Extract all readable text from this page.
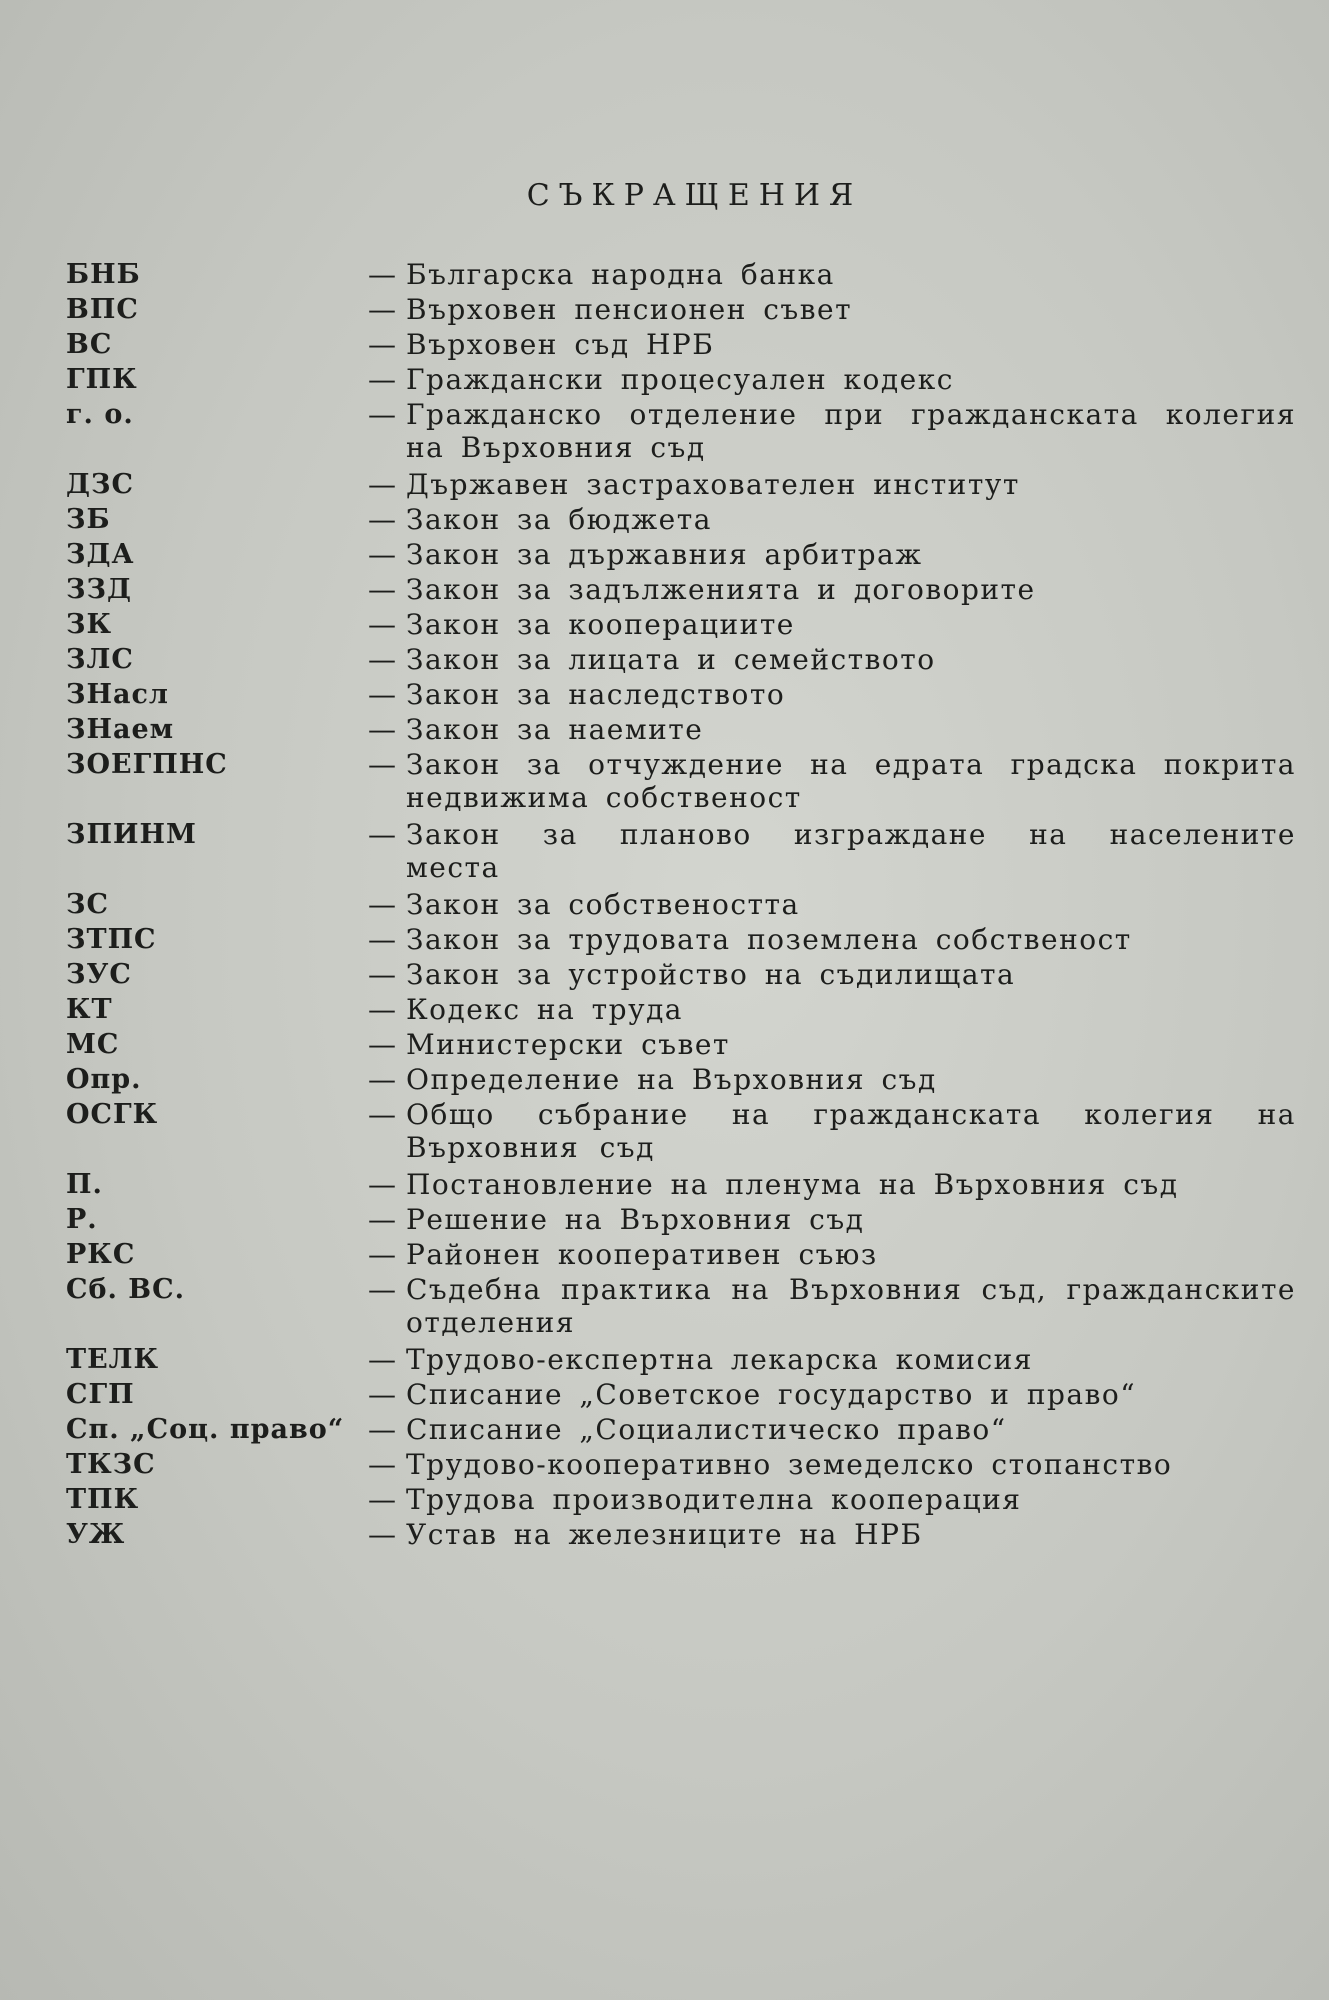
СЪКРАЩЕНИЯ
БНБ	— Българска народна банка
ВПС	— Върховен пенсионен съвет
ВС	— Върховен съд НРБ
ГПК	— Граждански процесуален кодекс
г. о.	— Гражданско отделение при гражданската колегия на Върховния съд
ДЗС	— Държавен застрахователен институт
ЗБ	— Закон за бюджета
ЗДА	— Закон за държавния арбитраж
ЗЗД	— Закон за задълженията и договорите
ЗК	— Закон за кооперациите
ЗЛС	— Закон за лицата и семейството
ЗНасл	— Закон за наследството
ЗНаем	— Закон за наемите
ЗОЕГПНС	— Закон за отчуждение на едрата градска покрита недвижима собственост
ЗПИНМ	— Закон за планово изграждане на населените места
ЗС	— Закон за собствеността
ЗТПС	— Закон за трудовата поземлена собственост
ЗУС	— Закон за устройство на съдилищата
КТ	— Кодекс на труда
МС	— Министерски съвет
Опр.	— Определение на Върховния съд
ОСГК	— Общо събрание на гражданската колегия на Върховния съд
П.	— Постановление на пленума на Върховния съд
Р.	— Решение на Върховния съд
РКС	— Районен кооперативен съюз
Сб. ВС.	— Съдебна практика на Върховния съд, гражданските отделения
ТЕЛК	— Трудово-експертна лекарска комисия
СГП	— Списание „Советское государство и право“
Сп. „Соц. право“ — Списание „Социалистическо право“
ТКЗС	— Трудово-кооперативно земеделско стопанство
ТПК	— Трудова производителна кооперация
УЖ	— Устав на железниците на НРБ
